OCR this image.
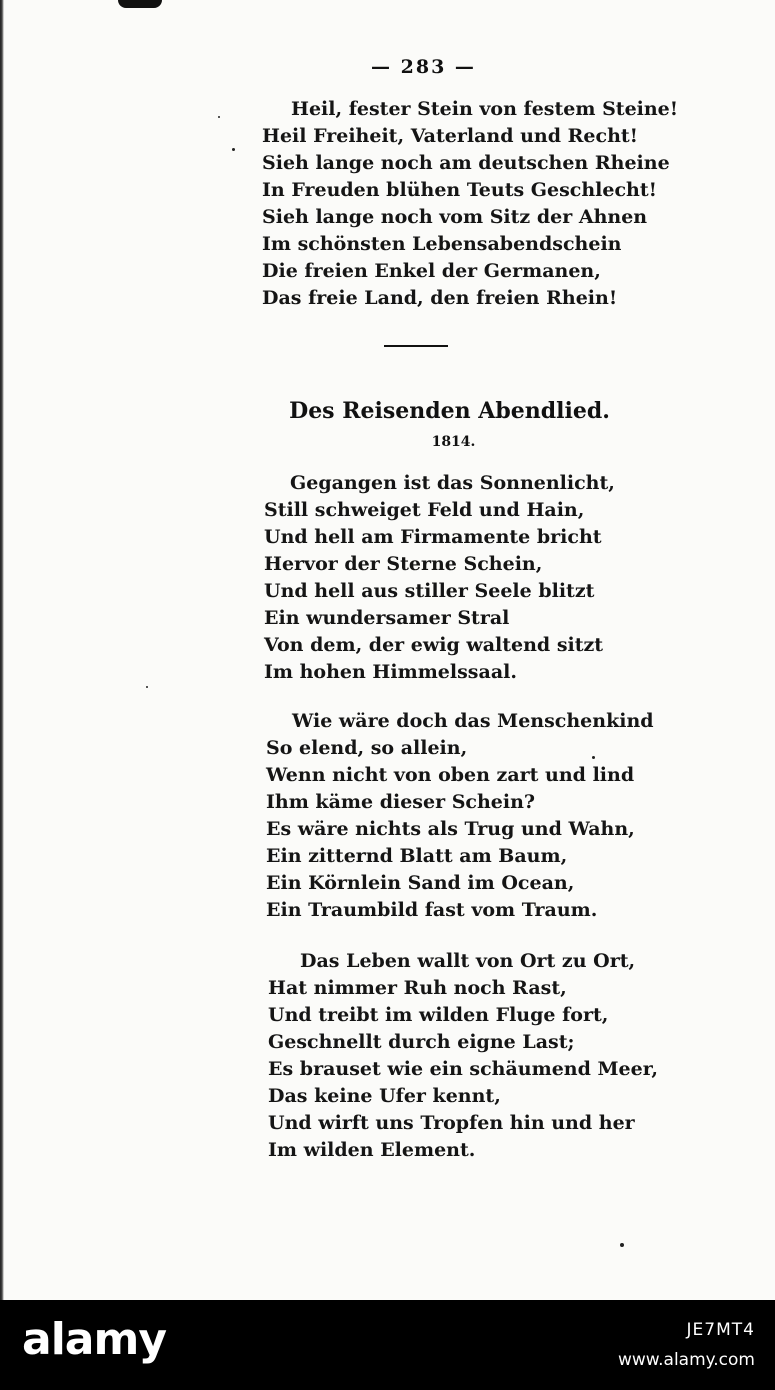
— 283 —
Heil, fester Stein von festem Steine!
Heil Freiheit, Vaterland und Recht!
Sieh lange noch am deutschen Rheine
In Freuden blühen Teuts Geschlecht!
Sieh lange noch vom Sitz der Ahnen
Im schönsten Lebensabendschein
Die freien Enkel der Germanen,
Das freie Land, den freien Rhein!
Des Reisenden Abendlied.
1814.
Gegangen ist das Sonnenlicht,
Still schweiget Feld und Hain,
Und hell am Firmamente bricht
Hervor der Sterne Schein,
Und hell aus stiller Seele blitzt
Ein wundersamer Stral
Von dem, der ewig waltend sitzt
Im hohen Himmelssaal.
Wie wäre doch das Menschenkind
So elend, so allein,
Wenn nicht von oben zart und lind
Ihm käme dieser Schein?
Es wäre nichts als Trug und Wahn,
Ein zitternd Blatt am Baum,
Ein Körnlein Sand im Ocean,
Ein Traumbild fast vom Traum.
Das Leben wallt von Ort zu Ort,
Hat nimmer Ruh noch Rast,
Und treibt im wilden Fluge fort,
Geschnellt durch eigne Last;
Es brauset wie ein schäumend Meer,
Das keine Ufer kennt,
Und wirft uns Tropfen hin und her
Im wilden Element.
alamy	JE7MT4
www.alamy.com
